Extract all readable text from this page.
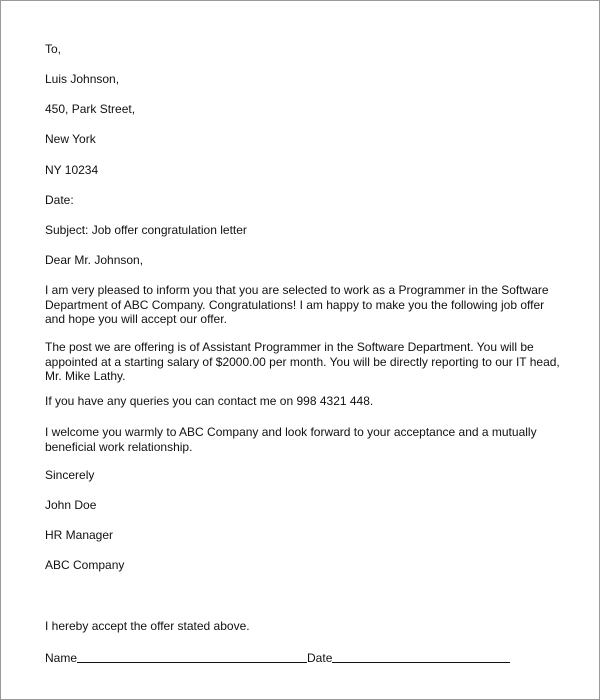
To,
Luis Johnson,
450, Park Street,
New York
NY 10234
Date:
Subject: Job offer congratulation letter
Dear Mr. Johnson,
I am very pleased to inform you that you are selected to work as a Programmer in the Software Department of ABC Company. Congratulations! I am happy to make you the following job offer and hope you will accept our offer.
The post we are offering is of Assistant Programmer in the Software Department. You will be appointed at a starting salary of $2000.00 per month. You will be directly reporting to our IT head, Mr. Mike Lathy.
If you have any queries you can contact me on 998 4321 448.
I welcome you warmly to ABC Company and look forward to your acceptance and a mutually beneficial work relationship.
Sincerely
John Doe
HR Manager
ABC Company
I hereby accept the offer stated above.
Name	Date
